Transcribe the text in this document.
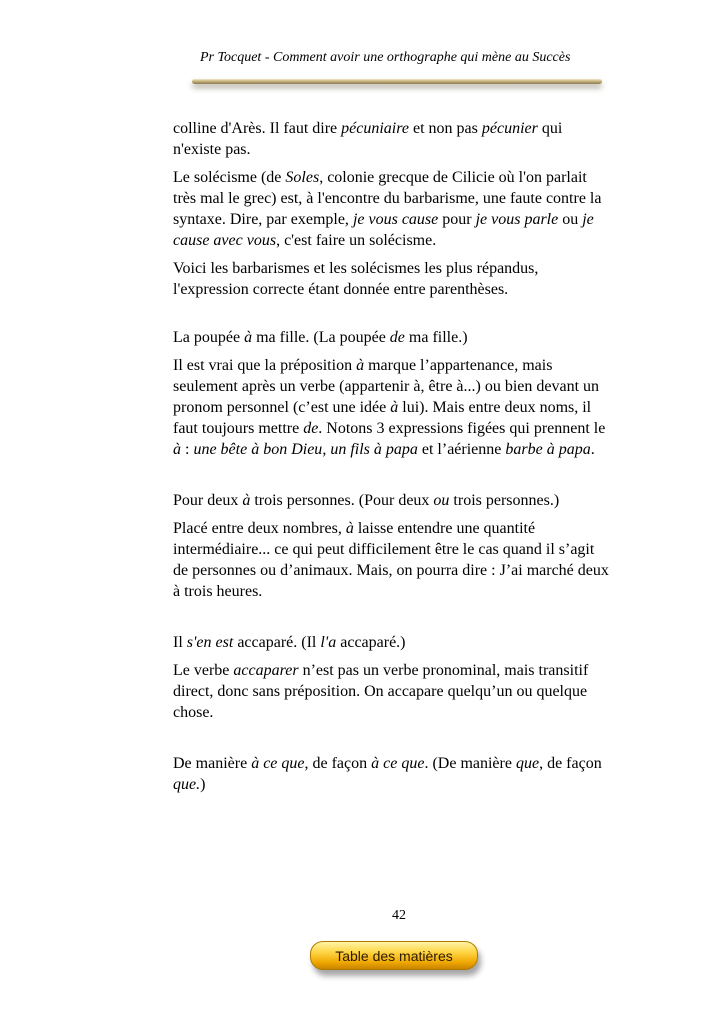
Pr Tocquet - Comment avoir une orthographe qui mène au Succès

colline d'Arès. Il faut dire pécuniaire et non pas pécunier qui n'existe pas.

Le solécisme (de Soles, colonie grecque de Cilicie où l'on parlait très mal le grec) est, à l'encontre du barbarisme, une faute contre la syntaxe. Dire, par exemple, je vous cause pour je vous parle ou je cause avec vous, c'est faire un solécisme.

Voici les barbarismes et les solécismes les plus répandus, l'expression correcte étant donnée entre parenthèses.

La poupée à ma fille. (La poupée de ma fille.)

Il est vrai que la préposition à marque l’appartenance, mais seulement après un verbe (appartenir à, être à...) ou bien devant un pronom personnel (c’est une idée à lui). Mais entre deux noms, il faut toujours mettre de. Notons 3 expressions figées qui prennent le à : une bête à bon Dieu, un fils à papa et l’aérienne barbe à papa.

Pour deux à trois personnes. (Pour deux ou trois personnes.)

Placé entre deux nombres, à laisse entendre une quantité intermédiaire... ce qui peut difficilement être le cas quand il s’agit de personnes ou d’animaux. Mais, on pourra dire : J’ai marché deux à trois heures.

Il s'en est accaparé. (Il l'a accaparé.)

Le verbe accaparer n’est pas un verbe pronominal, mais transitif direct, donc sans préposition. On accapare quelqu’un ou quelque chose.

De manière à ce que, de façon à ce que. (De manière que, de façon que.)

42
Table des matières
